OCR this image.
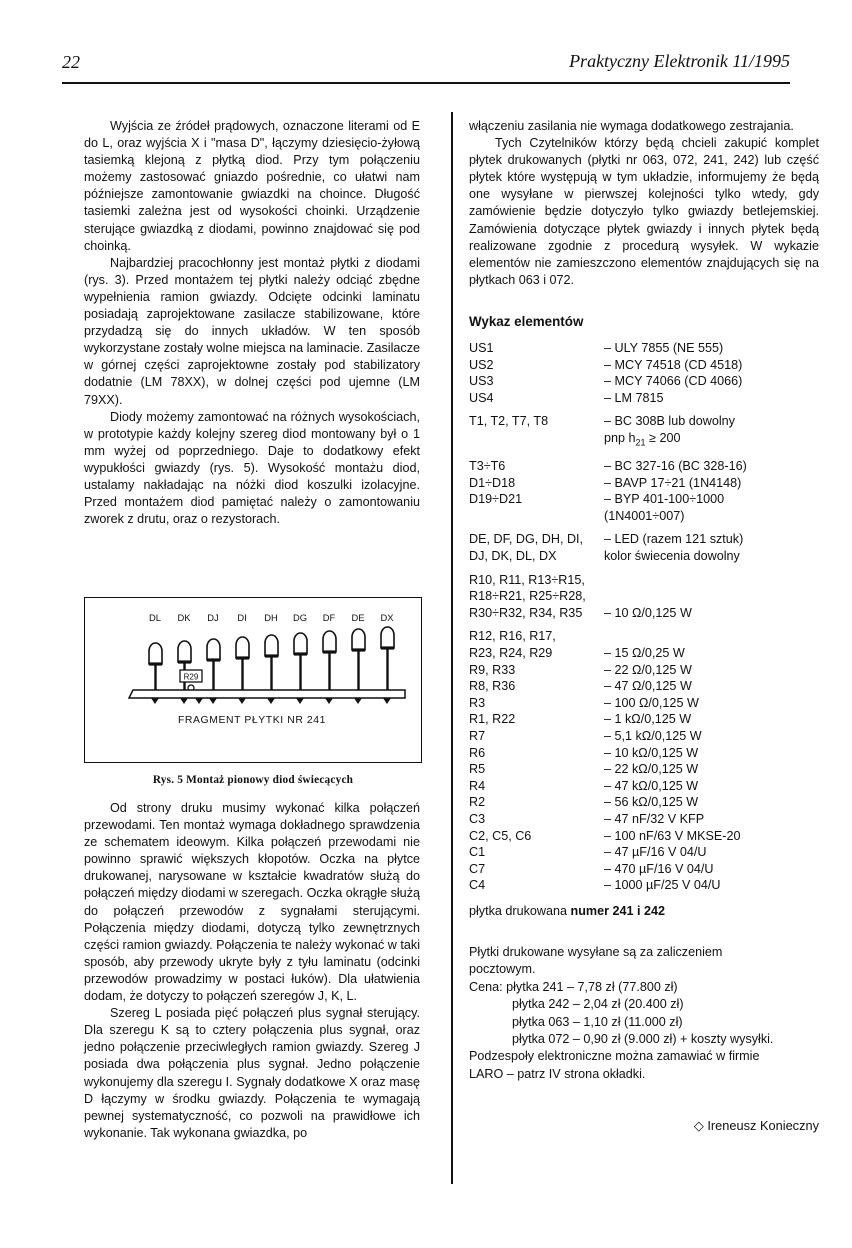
22	Praktyczny Elektronik 11/1995

Wyjścia ze źródeł prądowych, oznaczone literami od E do L, oraz wyjścia X i "masa D", łączymy dziesięcio-żyłową tasiemką klejoną z płytką diod. Przy tym połączeniu możemy zastosować gniazdo pośrednie, co ułatwi nam późniejsze zamontowanie gwiazdki na choince. Długość tasiemki zależna jest od wysokości choinki. Urządzenie sterujące gwiazdką z diodami, powinno znajdować się pod choinką.

Najbardziej pracochłonny jest montaż płytki z diodami (rys. 3). Przed montażem tej płytki należy odciąć zbędne wypełnienia ramion gwiazdy. Odcięte odcinki laminatu posiadają zaprojektowane zasilacze stabilizowane, które przydadzą się do innych układów. W ten sposób wykorzystane zostały wolne miejsca na laminacie. Zasilacze w górnej części zaprojektowne zostały pod stabilizatory dodatnie (LM 78XX), w dolnej części pod ujemne (LM 79XX).

Diody możemy zamontować na różnych wysokościach, w prototypie każdy kolejny szereg diod montowany był o 1 mm wyżej od poprzedniego. Daje to dodatkowy efekt wypukłości gwiazdy (rys. 5). Wysokość montażu diod, ustalamy nakładając na nóżki diod koszulki izolacyjne. Przed montażem diod pamiętać należy o zamontowaniu zworek z drutu, oraz o rezystorach.

DL DK DJ DI DH DG DF DE DX
R29
FRAGMENT PŁYTKI NR 241
Rys. 5 Montaż pionowy diod świecących

Od strony druku musimy wykonać kilka połączeń przewodami. Ten montaż wymaga dokładnego sprawdzenia ze schematem ideowym. Kilka połączeń przewodami nie powinno sprawić większych kłopotów. Oczka na płytce drukowanej, narysowane w kształcie kwadratów służą do połączeń między diodami w szeregach. Oczka okrągłe służą do połączeń przewodów z sygnałami sterującymi. Połączenia między diodami, dotyczą tylko zewnętrznych części ramion gwiazdy. Połączenia te należy wykonać w taki sposób, aby przewody ukryte były z tyłu laminatu (odcinki przewodów prowadzimy w postaci łuków). Dla ułatwienia dodam, że dotyczy to połączeń szeregów J, K, L.

Szereg L posiada pięć połączeń plus sygnał sterujący. Dla szeregu K są to cztery połączenia plus sygnał, oraz jedno połączenie przeciwległych ramion gwiazdy. Szereg J posiada dwa połączenia plus sygnał. Jedno połączenie wykonujemy dla szeregu I. Sygnały dodatkowe X oraz masę D łączymy w środku gwiazdy. Połączenia te wymagają pewnej systematyczność, co pozwoli na prawidłowe ich wykonanie. Tak wykonana gwiazdka, po

włączeniu zasilania nie wymaga dodatkowego zestrajania.

Tych Czytelników którzy będą chcieli zakupić komplet płytek drukowanych (płytki nr 063, 072, 241, 242) lub część płytek które występują w tym układzie, informujemy że będą one wysyłane w pierwszej kolejności tylko wtedy, gdy zamówienie będzie dotyczyło tylko gwiazdy betlejemskiej. Zamówienia dotyczące płytek gwiazdy i innych płytek będą realizowane zgodnie z procedurą wysyłek. W wykazie elementów nie zamieszczono elementów znajdujących się na płytkach 063 i 072.

Wykaz elementów
US1	– ULY 7855 (NE 555)
US2	– MCY 74518 (CD 4518)
US3	– MCY 74066 (CD 4066)
US4	– LM 7815

T1, T2, T7, T8	– BC 308B lub dowolny
	pnp $h_{21} \ge 200$

T3÷T6	– BC 327-16 (BC 328-16)
D1÷D18	– BAVP 17÷21 (1N4148)
D19÷D21	– BYP 401-100÷1000
	(1N4001÷007)

DE, DF, DG, DH, DI,	– LED (razem 121 sztuk)
DJ, DK, DL, DX	kolor świecenia dowolny

R10, R11, R13÷R15,	
R18÷R21, R25÷R28,	
R30÷R32, R34, R35	– 10 Ω/0,125 W

R12, R16, R17,	
R23, R24, R29	– 15 Ω/0,25 W
R9, R33	– 22 Ω/0,125 W
R8, R36	– 47 Ω/0,125 W
R3	– 100 Ω/0,125 W
R1, R22	– 1 kΩ/0,125 W
R7	– 5,1 kΩ/0,125 W
R6	– 10 kΩ/0,125 W
R5	– 22 kΩ/0,125 W
R4	– 47 kΩ/0,125 W
R2	– 56 kΩ/0,125 W
C3	– 47 nF/32 V KFP
C2, C5, C6	– 100 nF/63 V MKSE-20
C1	– 47 µF/16 V 04/U
C7	– 470 µF/16 V 04/U
C4	– 1000 µF/25 V 04/U
płytka drukowana numer 241 i 242
Płytki drukowane wysyłane są za zaliczeniem
pocztowym.
Cena: płytka 241 – 7,78 zł (77.800 zł)
płytka 242 – 2,04 zł (20.400 zł)
płytka 063 – 1,10 zł (11.000 zł)
płytka 072 – 0,90 zł (9.000 zł) + koszty wysyłki.
Podzespoły elektroniczne można zamawiać w firmie
LARO – patrz IV strona okładki.
◇ Ireneusz Konieczny
